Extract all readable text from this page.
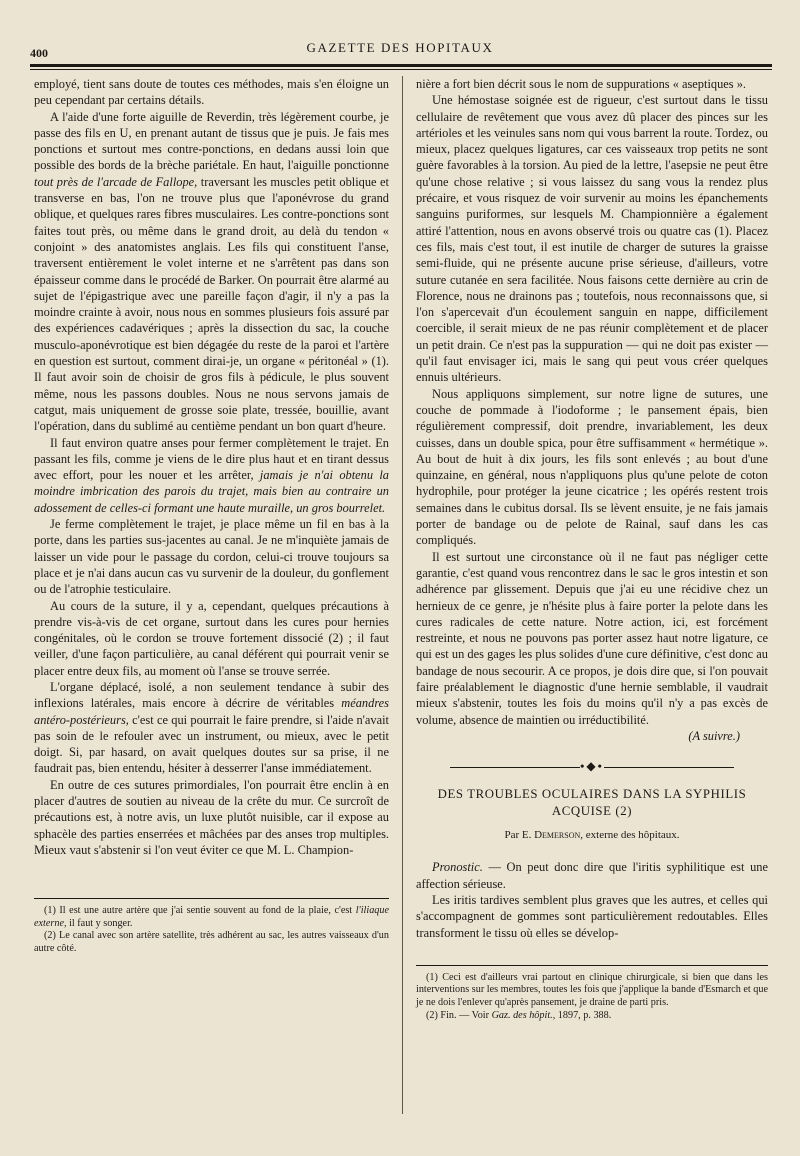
400	GAZETTE DES HOPITAUX

employé, tient sans doute de toutes ces méthodes, mais s'en éloigne un peu cependant par certains détails.

A l'aide d'une forte aiguille de Reverdin, très légèrement courbe, je passe des fils en U, en prenant autant de tissus que je puis. Je fais mes ponctions et surtout mes contre-ponctions, en dedans aussi loin que possible des bords de la brèche pariétale. En haut, l'aiguille ponctionne tout près de l'arcade de Fallope, traversant les muscles petit oblique et transverse en bas, l'on ne trouve plus que l'aponévrose du grand oblique, et quelques rares fibres musculaires. Les contre-ponctions sont faites tout près, ou même dans le grand droit, au delà du tendon « conjoint » des anatomistes anglais. Les fils qui constituent l'anse, traversent entièrement le volet interne et ne s'arrêtent pas dans son épaisseur comme dans le procédé de Barker. On pourrait être alarmé au sujet de l'épigastrique avec une pareille façon d'agir, il n'y a pas la moindre crainte à avoir, nous nous en sommes plusieurs fois assuré par des expériences cadavériques ; après la dissection du sac, la couche musculo-aponévrotique est bien dégagée du reste de la paroi et l'artère en question est surtout, comment dirai-je, un organe « péritonéal » (1). Il faut avoir soin de choisir de gros fils à pédicule, le plus souvent même, nous les passons doubles. Nous ne nous servons jamais de catgut, mais uniquement de grosse soie plate, tressée, bouillie, avant l'opération, dans du sublimé au centième pendant un bon quart d'heure.

Il faut environ quatre anses pour fermer complètement le trajet. En passant les fils, comme je viens de le dire plus haut et en tirant dessus avec effort, pour les nouer et les arrêter, jamais je n'ai obtenu la moindre imbrication des parois du trajet, mais bien au contraire un adossement de celles-ci formant une haute muraille, un gros bourrelet.

Je ferme complètement le trajet, je place même un fil en bas à la porte, dans les parties sus-jacentes au canal. Je ne m'inquiète jamais de laisser un vide pour le passage du cordon, celui-ci trouve toujours sa place et je n'ai dans aucun cas vu survenir de la douleur, du gonflement ou de l'atrophie testiculaire.

Au cours de la suture, il y a, cependant, quelques précautions à prendre vis-à-vis de cet organe, surtout dans les cures pour hernies congénitales, où le cordon se trouve fortement dissocié (2) ; il faut veiller, d'une façon particulière, au canal déférent qui pourrait venir se placer entre deux fils, au moment où l'anse se trouve serrée.

L'organe déplacé, isolé, a non seulement tendance à subir des inflexions latérales, mais encore à décrire de véritables méandres antéro-postérieurs, c'est ce qui pourrait le faire prendre, si l'aide n'avait pas soin de le refouler avec un instrument, ou mieux, avec le petit doigt. Si, par hasard, on avait quelques doutes sur sa prise, il ne faudrait pas, bien entendu, hésiter à desserrer l'anse immédiatement.

En outre de ces sutures primordiales, l'on pourrait être enclin à en placer d'autres de soutien au niveau de la crête du mur. Ce surcroît de précautions est, à notre avis, un luxe plutôt nuisible, car il expose au sphacèle des parties enserrées et mâchées par des anses trop multiples. Mieux vaut s'abstenir si l'on veut éviter ce que M. L. Champion-

(1) Il est une autre artère que j'ai sentie souvent au fond de la plaie, c'est l'iliaque externe, il faut y songer.

(2) Le canal avec son artère satellite, très adhérent au sac, les autres vaisseaux d'un autre côté.

nière a fort bien décrit sous le nom de suppurations « aseptiques ».

Une hémostase soignée est de rigueur, c'est surtout dans le tissu cellulaire de revêtement que vous avez dû placer des pinces sur les artérioles et les veinules sans nom qui vous barrent la route. Tordez, ou mieux, placez quelques ligatures, car ces vaisseaux trop petits ne sont guère favorables à la torsion. Au pied de la lettre, l'asepsie ne peut être qu'une chose relative ; si vous laissez du sang vous la rendez plus précaire, et vous risquez de voir survenir au moins les épanchements sanguins puriformes, sur lesquels M. Championnière a également attiré l'attention, nous en avons observé trois ou quatre cas (1). Placez ces fils, mais c'est tout, il est inutile de charger de sutures la graisse semi-fluide, qui ne présente aucune prise sérieuse, d'ailleurs, votre suture cutanée en sera facilitée. Nous faisons cette dernière au crin de Florence, nous ne drainons pas ; toutefois, nous reconnaissons que, si l'on s'apercevait d'un écoulement sanguin en nappe, difficilement coercible, il serait mieux de ne pas réunir complètement et de placer un petit drain. Ce n'est pas la suppuration — qui ne doit pas exister — qu'il faut envisager ici, mais le sang qui peut vous créer quelques ennuis ultérieurs.

Nous appliquons simplement, sur notre ligne de sutures, une couche de pommade à l'iodoforme ; le pansement épais, bien régulièrement compressif, doit prendre, invariablement, les deux cuisses, dans un double spica, pour être suffisamment « hermétique ». Au bout de huit à dix jours, les fils sont enlevés ; au bout d'une quinzaine, en général, nous n'appliquons plus qu'une pelote de coton hydrophile, pour protéger la jeune cicatrice ; les opérés restent trois semaines dans le cubitus dorsal. Ils se lèvent ensuite, je ne fais jamais porter de bandage ou de pelote de Rainal, sauf dans les cas compliqués.

Il est surtout une circonstance où il ne faut pas négliger cette garantie, c'est quand vous rencontrez dans le sac le gros intestin et son adhérence par glissement. Depuis que j'ai eu une récidive chez un hernieux de ce genre, je n'hésite plus à faire porter la pelote dans les cures radicales de cette nature. Notre action, ici, est forcément restreinte, et nous ne pouvons pas porter assez haut notre ligature, ce qui est un des gages les plus solides d'une cure définitive, c'est donc au bandage de nous secourir. A ce propos, je dois dire que, si l'on pouvait faire préalablement le diagnostic d'une hernie semblable, il vaudrait mieux s'abstenir, toutes les fois du moins qu'il n'y a pas excès de volume, absence de maintien ou irréductibilité.

(A suivre.)
•◆•
DES TROUBLES OCULAIRES DANS LA SYPHILIS ACQUISE (2)
Par E. Demerson, externe des hôpitaux.

Pronostic. — On peut donc dire que l'iritis syphilitique est une affection sérieuse.

Les iritis tardives semblent plus graves que les autres, et celles qui s'accompagnent de gommes sont particulièrement redoutables. Elles transforment le tissu où elles se dévelop-

(1) Ceci est d'ailleurs vrai partout en clinique chirurgicale, si bien que dans les interventions sur les membres, toutes les fois que j'applique la bande d'Esmarch et que je ne dois l'enlever qu'après pansement, je draine de parti pris.

(2) Fin. — Voir Gaz. des hôpit., 1897, p. 388.
